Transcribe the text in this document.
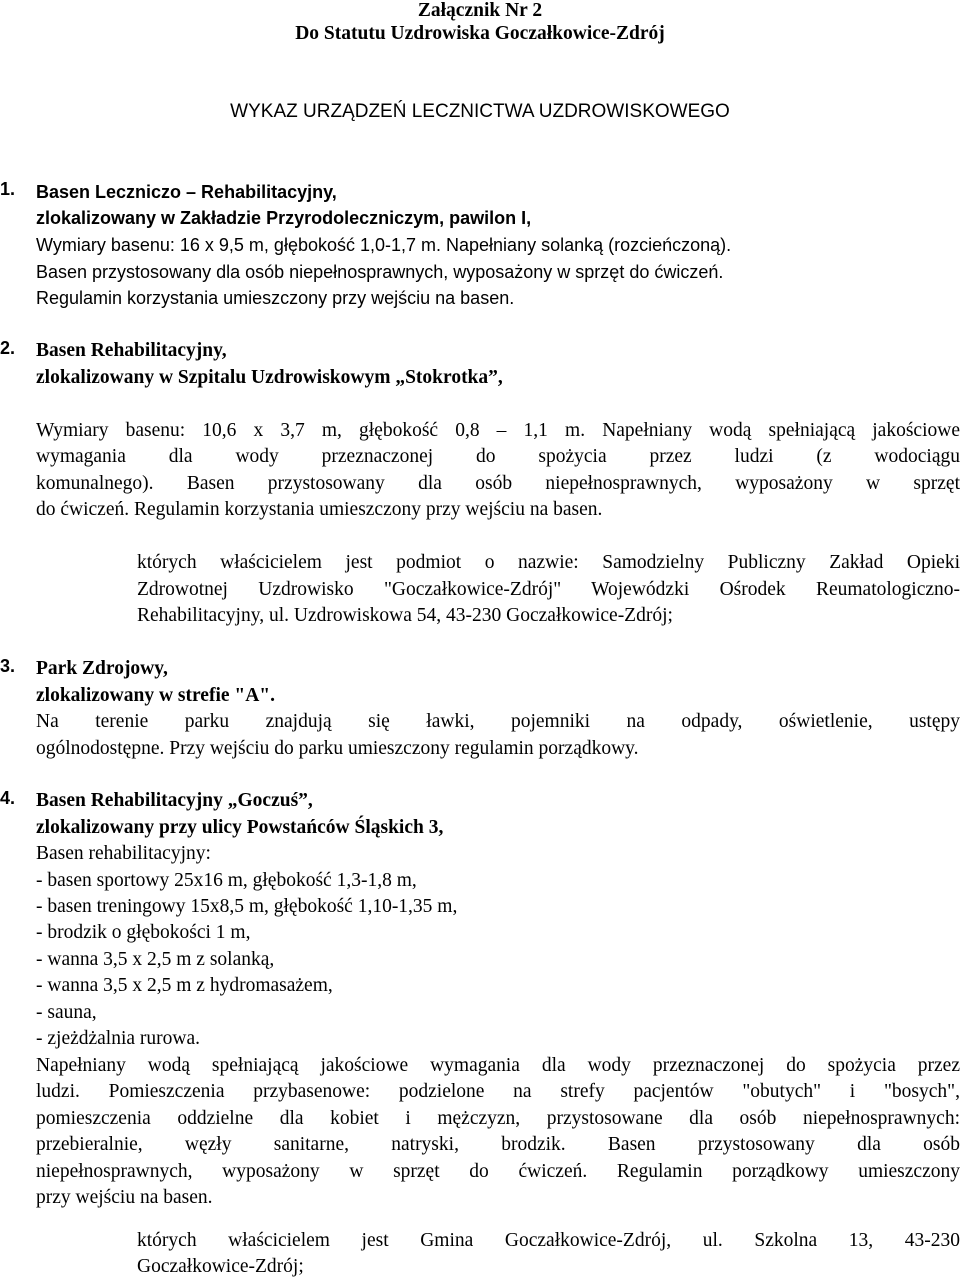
Załącznik Nr 2
Do Statutu Uzdrowiska Goczałkowice-Zdrój
WYKAZ URZĄDZEŃ LECZNICTWA UZDROWISKOWEGO
1. Basen Leczniczo – Rehabilitacyjny,
zlokalizowany w Zakładzie Przyrodoleczniczym, pawilon I,
Wymiary basenu: 16 x 9,5 m, głębokość 1,0-1,7 m. Napełniany solanką (rozcieńczoną).
Basen przystosowany dla osób niepełnosprawnych, wyposażony w sprzęt do ćwiczeń.
Regulamin korzystania umieszczony przy wejściu na basen.
2. Basen Rehabilitacyjny,
zlokalizowany w Szpitalu Uzdrowiskowym „Stokrotka”,
Wymiary basenu: 10,6 x 3,7 m, głębokość 0,8 – 1,1 m. Napełniany wodą spełniającą jakościowe
wymagania dla wody przeznaczonej do spożycia przez ludzi (z wodociągu
komunalnego). Basen przystosowany dla osób niepełnosprawnych, wyposażony w sprzęt
do ćwiczeń. Regulamin korzystania umieszczony przy wejściu na basen.
których właścicielem jest podmiot o nazwie: Samodzielny Publiczny Zakład Opieki
Zdrowotnej Uzdrowisko "Goczałkowice-Zdrój" Wojewódzki Ośrodek Reumatologiczno-
Rehabilitacyjny, ul. Uzdrowiskowa 54, 43-230 Goczałkowice-Zdrój;
3. Park Zdrojowy,
zlokalizowany w strefie "A".
Na terenie parku znajdują się ławki, pojemniki na odpady, oświetlenie, ustępy
ogólnodostępne. Przy wejściu do parku umieszczony regulamin porządkowy.
4. Basen Rehabilitacyjny „Goczuś”,
zlokalizowany przy ulicy Powstańców Śląskich 3,
Basen rehabilitacyjny:
- basen sportowy 25x16 m, głębokość 1,3-1,8 m,
- basen treningowy 15x8,5 m, głębokość 1,10-1,35 m,
- brodzik o głębokości 1 m,
- wanna 3,5 x 2,5 m z solanką,
- wanna 3,5 x 2,5 m z hydromasażem,
- sauna,
- zjeżdżalnia rurowa.
Napełniany wodą spełniającą jakościowe wymagania dla wody przeznaczonej do spożycia przez
ludzi. Pomieszczenia przybasenowe: podzielone na strefy pacjentów "obutych" i "bosych",
pomieszczenia oddzielne dla kobiet i mężczyzn, przystosowane dla osób niepełnosprawnych:
przebieralnie, węzły sanitarne, natryski, brodzik. Basen przystosowany dla osób
niepełnosprawnych, wyposażony w sprzęt do ćwiczeń. Regulamin porządkowy umieszczony
przy wejściu na basen.
których właścicielem jest Gmina Goczałkowice-Zdrój, ul. Szkolna 13, 43-230
Goczałkowice-Zdrój;
